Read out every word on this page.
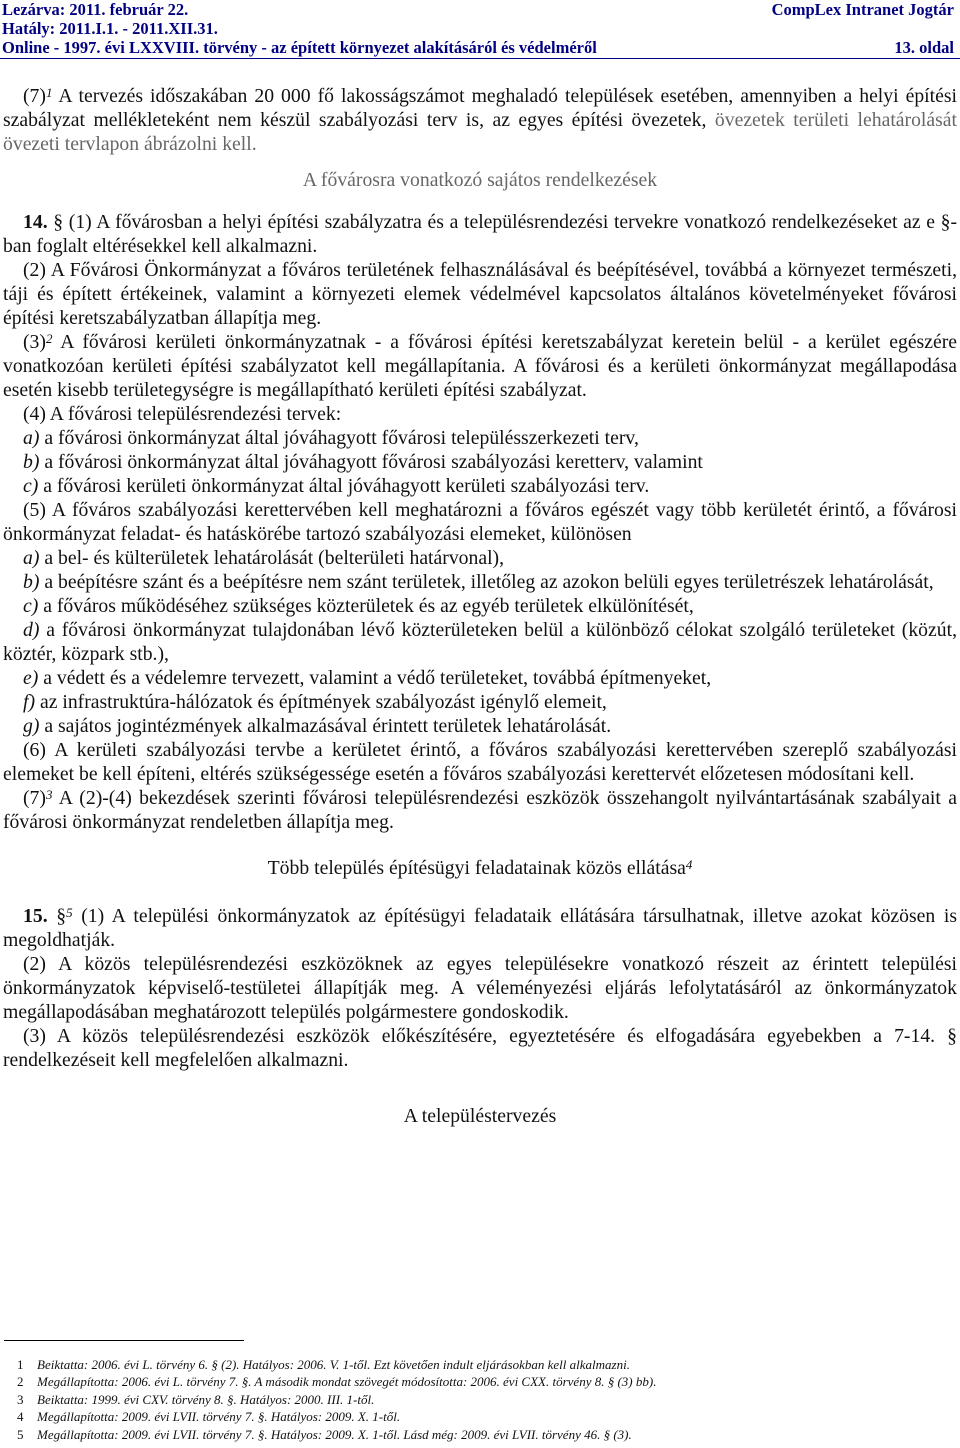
Lezárva: 2011. február 22.	CompLex Intranet Jogtár
Hatály: 2011.I.1. - 2011.XII.31.
Online - 1997. évi LXXVIII. törvény - az épített környezet alakításáról és védelméről	13. oldal

$(7)^1$ A tervezés időszakában 20 000 fő lakosságszámot meghaladó települések esetében, amennyiben a helyi építési szabályzat mellékleteként nem készül szabályozási terv is, az egyes építési övezetek, övezetek területi lehatárolását övezeti tervlapon ábrázolni kell.

A fővárosra vonatkozó sajátos rendelkezések

14. § (1) A fővárosban a helyi építési szabályzatra és a településrendezési tervekre vonatkozó rendelkezéseket az e §-ban foglalt eltérésekkel kell alkalmazni.

(2) A Fővárosi Önkormányzat a főváros területének felhasználásával és beépítésével, továbbá a környezet természeti, táji és épített értékeinek, valamint a környezeti elemek védelmével kapcsolatos általános követelményeket fővárosi építési keretszabályzatban állapítja meg.

$(3)^2$ A fővárosi kerületi önkormányzatnak - a fővárosi építési keretszabályzat keretein belül - a kerület egészére vonatkozóan kerületi építési szabályzatot kell megállapítania. A fővárosi és a kerületi önkormányzat megállapodása esetén kisebb területegységre is megállapítható kerületi építési szabályzat.

(4) A fővárosi településrendezési tervek:

a) a fővárosi önkormányzat által jóváhagyott fővárosi településszerkezeti terv,

b) a fővárosi önkormányzat által jóváhagyott fővárosi szabályozási keretterv, valamint

c) a fővárosi kerületi önkormányzat által jóváhagyott kerületi szabályozási terv.

(5) A főváros szabályozási kerettervében kell meghatározni a főváros egészét vagy több kerületét érintő, a fővárosi önkormányzat feladat- és hatáskörébe tartozó szabályozási elemeket, különösen

a) a bel- és külterületek lehatárolását (belterületi határvonal),

b) a beépítésre szánt és a beépítésre nem szánt területek, illetőleg az azokon belüli egyes területrészek lehatárolását,

c) a főváros működéséhez szükséges közterületek és az egyéb területek elkülönítését,

d) a fővárosi önkormányzat tulajdonában lévő közterületeken belül a különböző célokat szolgáló területeket (közút, köztér, közpark stb.),

e) a védett és a védelemre tervezett, valamint a védő területeket, továbbá építmenyeket,

f) az infrastruktúra-hálózatok és építmények szabályozást igénylő elemeit,

g) a sajátos jogintézmények alkalmazásával érintett területek lehatárolását.

(6) A kerületi szabályozási tervbe a kerületet érintő, a főváros szabályozási kerettervében szereplő szabályozási elemeket be kell építeni, eltérés szükségessége esetén a főváros szabályozási kerettervét előzetesen módosítani kell.

$(7)^3$ A (2)-(4) bekezdések szerinti fővárosi településrendezési eszközök összehangolt nyilvántartásának szabályait a fővárosi önkormányzat rendeletben állapítja meg.

Több település építésügyi feladatainak közös ellátása$^4$

15. §$^5$ (1) A települési önkormányzatok az építésügyi feladataik ellátására társulhatnak, illetve azokat közösen is megoldhatják.

(2) A közös településrendezési eszközöknek az egyes településekre vonatkozó részeit az érintett települési önkormányzatok képviselő-testületei állapítják meg. A véleményezési eljárás lefolytatásáról az önkormányzatok megállapodásában meghatározott település polgármestere gondoskodik.

(3) A közös településrendezési eszközök előkészítésére, egyeztetésére és elfogadására egyebekben a 7-14. § rendelkezéseit kell megfelelően alkalmazni.

A településtervezés
1 Beiktatta: 2006. évi L. törvény 6. § (2). Hatályos: 2006. V. 1-től. Ezt követően indult eljárásokban kell alkalmazni.
2 Megállapította: 2006. évi L. törvény 7. §. A második mondat szövegét módosította: 2006. évi CXX. törvény 8. § (3) bb).
3 Beiktatta: 1999. évi CXV. törvény 8. §. Hatályos: 2000. III. 1-től.
4 Megállapította: 2009. évi LVII. törvény 7. §. Hatályos: 2009. X. 1-től.
5 Megállapította: 2009. évi LVII. törvény 7. §. Hatályos: 2009. X. 1-től. Lásd még: 2009. évi LVII. törvény 46. § (3).
